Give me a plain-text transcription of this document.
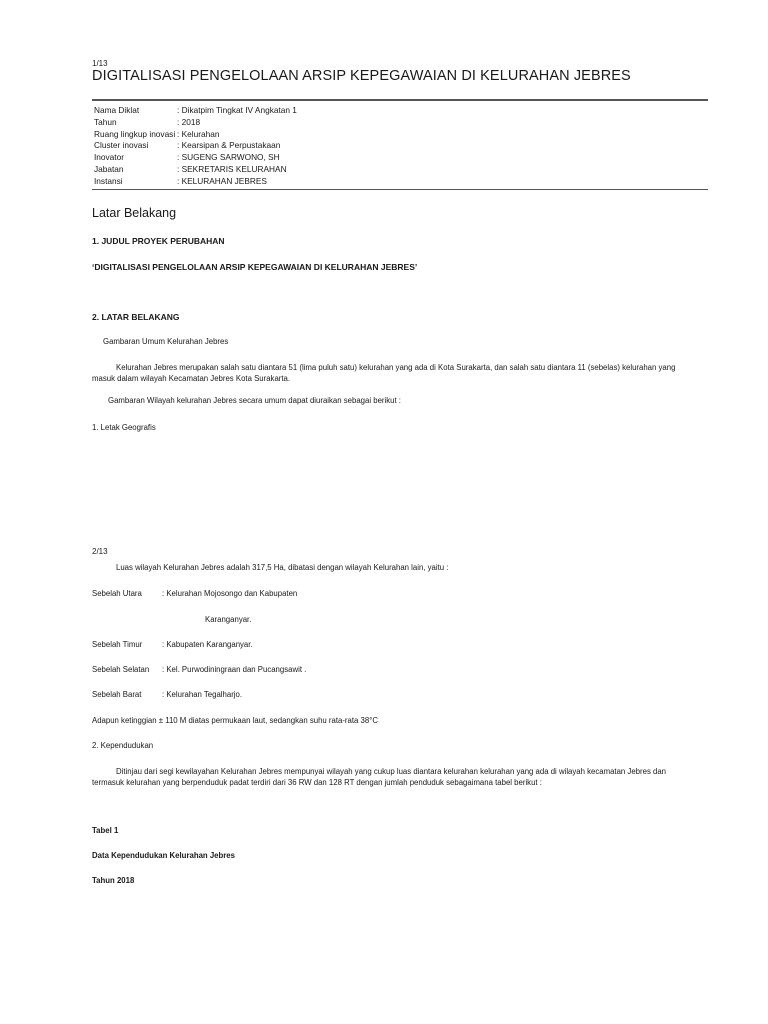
1/13
DIGITALISASI PENGELOLAAN ARSIP KEPEGAWAIAN DI KELURAHAN JEBRES
Nama Diklat	: Dikatpim Tingkat IV Angkatan 1
Tahun	: 2018
Ruang lingkup inovasi : Kelurahan
Cluster inovasi	: Kearsipan & Perpustakaan
Inovator	: SUGENG SARWONO, SH
Jabatan	: SEKRETARIS KELURAHAN
Instansi	: KELURAHAN JEBRES
Latar Belakang
1. JUDUL PROYEK PERUBAHAN
‘DIGITALISASI PENGELOLAAN ARSIP KEPEGAWAIAN DI KELURAHAN JEBRES’
2. LATAR BELAKANG
Gambaran Umum Kelurahan Jebres
Kelurahan Jebres merupakan salah satu diantara 51 (lima puluh satu) kelurahan yang ada di Kota Surakarta, dan salah satu diantara 11 (sebelas) kelurahan yang masuk dalam wilayah Kecamatan Jebres Kota Surakarta.
Gambaran Wilayah kelurahan Jebres secara umum dapat diuraikan sebagai berikut :
1. Letak Geografis
2/13
Luas wilayah Kelurahan Jebres adalah 317,5 Ha, dibatasi dengan wilayah Kelurahan lain, yaitu :
Sebelah Utara	: Kelurahan Mojosongo dan Kabupaten
Karanganyar.
Sebelah Timur	: Kabupaten Karanganyar.
Sebelah Selatan : Kel. Purwodiningraan dan Pucangsawit .
Sebelah Barat	: Kelurahan Tegalharjo.
Adapun ketinggian ± 110 M diatas permukaan laut, sedangkan suhu rata-rata 38°C
2. Kependudukan
Ditinjau dari segi kewilayahan Kelurahan Jebres mempunyai wilayah yang cukup luas diantara kelurahan kelurahan yang ada di wilayah kecamatan Jebres dan termasuk kelurahan yang berpenduduk padat terdiri dari 36 RW dan 128 RT dengan jumlah penduduk sebagaimana tabel berikut :
Tabel 1
Data Kependudukan Kelurahan Jebres
Tahun 2018
